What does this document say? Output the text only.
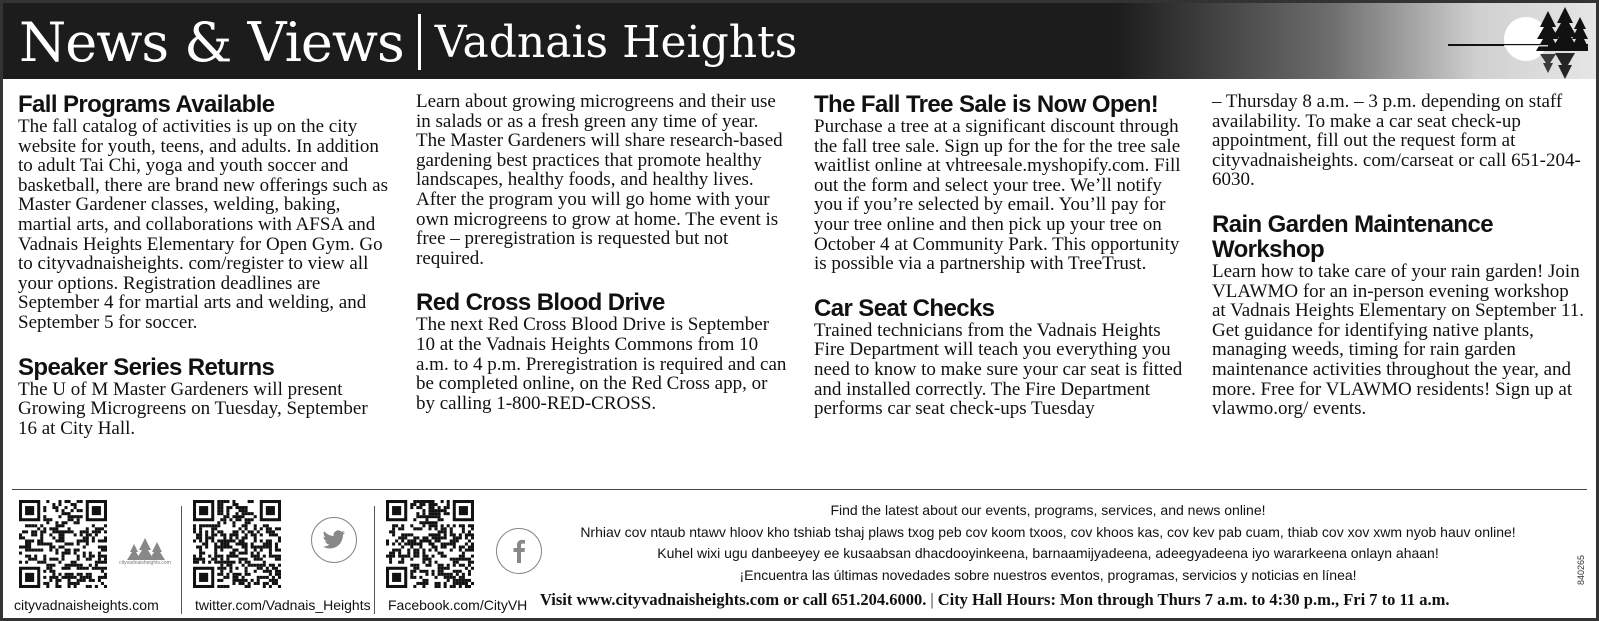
News & Views Vadnais Heights
Fall Programs Available

The fall catalog of activities is up on the city website for youth, teens, and adults. In addition to adult Tai Chi, yoga and youth soccer and basketball, there are brand new offerings such as Master Gardener classes, welding, baking, martial arts, and collaborations with AFSA and Vadnais Heights Elementary for Open Gym. Go to cityvadnaisheights. com/register to view all your options. Registration deadlines are September 4 for martial arts and welding, and September 5 for soccer.

Speaker Series Returns

The U of M Master Gardeners will present Growing Microgreens on Tuesday, September 16 at City Hall.

Learn about growing microgreens and their use in salads or as a fresh green any time of year. The Master Gardeners will share research-based gardening best practices that promote healthy landscapes, healthy foods, and healthy lives. After the program you will go home with your own microgreens to grow at home. The event is free – preregistration is requested but not required.

Red Cross Blood Drive

The next Red Cross Blood Drive is September 10 at the Vadnais Heights Commons from 10 a.m. to 4 p.m. Preregistration is required and can be completed online, on the Red Cross app, or by calling 1-800-RED-CROSS.

The Fall Tree Sale is Now Open!

Purchase a tree at a significant discount through the fall tree sale. Sign up for the for the tree sale waitlist online at vhtreesale.myshopify.com. Fill out the form and select your tree. We’ll notify you if you’re selected by email. You’ll pay for your tree online and then pick up your tree on October 4 at Community Park. This opportunity is possible via a partnership with TreeTrust.

Car Seat Checks

Trained technicians from the Vadnais Heights Fire Department will teach you everything you need to know to make sure your car seat is fitted and installed correctly. The Fire Department performs car seat check-ups Tuesday

– Thursday 8 a.m. – 3 p.m. depending on staff availability. To make a car seat check-up appointment, fill out the request form at cityvadnaisheights. com/carseat or call 651-204-6030.

Rain Garden Maintenance Workshop

Learn how to take care of your rain garden! Join VLAWMO for an in-person evening workshop at Vadnais Heights Elementary on September 11. Get guidance for identifying native plants, managing weeds, timing for rain garden maintenance activities throughout the year, and more. Free for VLAWMO residents! Sign up at vlawmo.org/ events.

cityvadnaisheights.com
cityvadnaisheights.com	twitter.com/Vadnais_Heights Facebook.com/CityVH
Find the latest about our events, programs, services, and news online!
Nrhiav cov ntaub ntawv hloov kho tshiab tshaj plaws txog peb cov koom txoos, cov khoos kas, cov kev pab cuam, thiab cov xov xwm nyob hauv online!
Kuhel wixi ugu danbeeyey ee kusaabsan dhacdooyinkeena, barnaamijyadeena, adeegyadeena iyo wararkeena onlayn ahaan!
¡Encuentra las últimas novedades sobre nuestros eventos, programas, servicios y noticias en línea!
Visit www.cityvadnaisheights.com or call 651.204.6000. | City Hall Hours: Mon through Thurs 7 a.m. to 4:30 p.m., Fri 7 to 11 a.m.
840265
